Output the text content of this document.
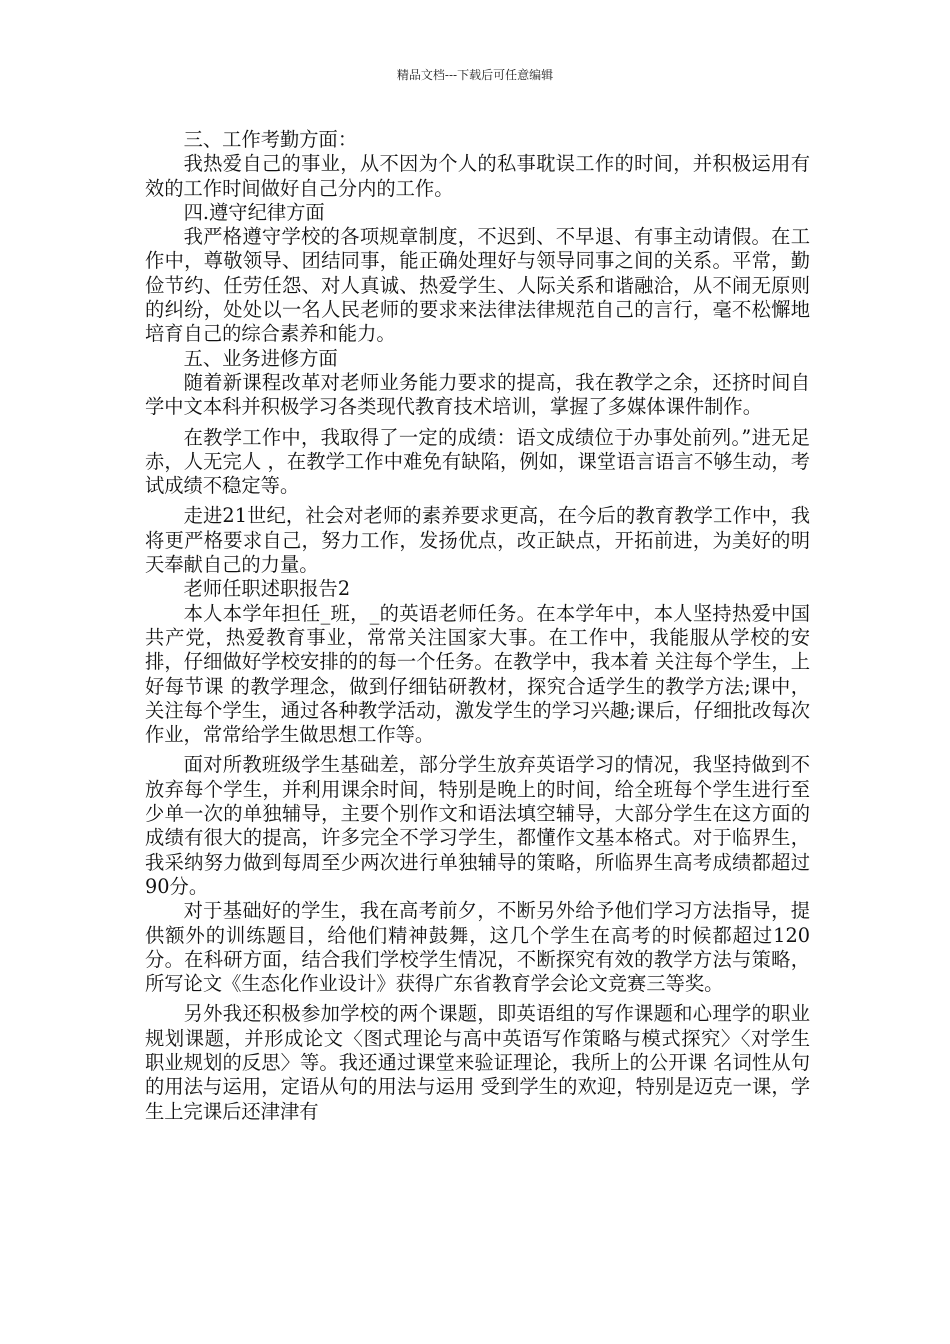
精品文档---下载后可任意编辑

三、工作考勤方面：

我热爱自己的事业，从不因为个人的私事耽误工作的时间，并积极运用有效的工作时间做好自己分内的工作。

四.遵守纪律方面

我严格遵守学校的各项规章制度，不迟到、不早退、有事主动请假。在工作中，尊敬领导、团结同事，能正确处理好与领导同事之间的关系。平常，勤俭节约、任劳任怨、对人真诚、热爱学生、人际关系和谐融洽，从不闹无原则的纠纷，处处以一名人民老师的要求来法律法律规范自己的言行，毫不松懈地培育自己的综合素养和能力。

五、业务进修方面

随着新课程改革对老师业务能力要求的提高，我在教学之余，还挤时间自学中文本科并积极学习各类现代教育技术培训，掌握了多媒体课件制作。

在教学工作中，我取得了一定的成绩：语文成绩位于办事处前列。”进无足赤，人无完人 ，在教学工作中难免有缺陷，例如，课堂语言语言不够生动，考试成绩不稳定等。

走进21世纪，社会对老师的素养要求更高，在今后的教育教学工作中，我将更严格要求自己，努力工作，发扬优点，改正缺点，开拓前进，为美好的明天奉献自己的力量。

老师任职述职报告2

本人本学年担任_班，_的英语老师任务。在本学年中，本人坚持热爱中国共产党，热爱教育事业，常常关注国家大事。在工作中，我能服从学校的安排，仔细做好学校安排的的每一个任务。在教学中，我本着 关注每个学生，上好每节课 的教学理念，做到仔细钻研教材，探究合适学生的教学方法;课中，关注每个学生，通过各种教学活动，激发学生的学习兴趣;课后，仔细批改每次作业，常常给学生做思想工作等。

面对所教班级学生基础差，部分学生放弃英语学习的情况，我坚持做到不放弃每个学生，并利用课余时间，特别是晚上的时间，给全班每个学生进行至少单一次的单独辅导，主要个别作文和语法填空辅导，大部分学生在这方面的成绩有很大的提高，许多完全不学习学生，都懂作文基本格式。对于临界生，我采纳努力做到每周至少两次进行单独辅导的策略，所临界生高考成绩都超过90分。

对于基础好的学生，我在高考前夕，不断另外给予他们学习方法指导，提供额外的训练题目，给他们精神鼓舞，这几个学生在高考的时候都超过120分。在科研方面，结合我们学校学生情况，不断探究有效的教学方法与策略，所写论文《生态化作业设计》获得广东省教育学会论文竞赛三等奖。

另外我还积极参加学校的两个课题，即英语组的写作课题和心理学的职业规划课题，并形成论文〈图式理论与高中英语写作策略与模式探究〉〈对学生职业规划的反思〉等。我还通过课堂来验证理论，我所上的公开课 名词性从句的用法与运用，定语从句的用法与运用 受到学生的欢迎，特别是迈克一课，学生上完课后还津津有
